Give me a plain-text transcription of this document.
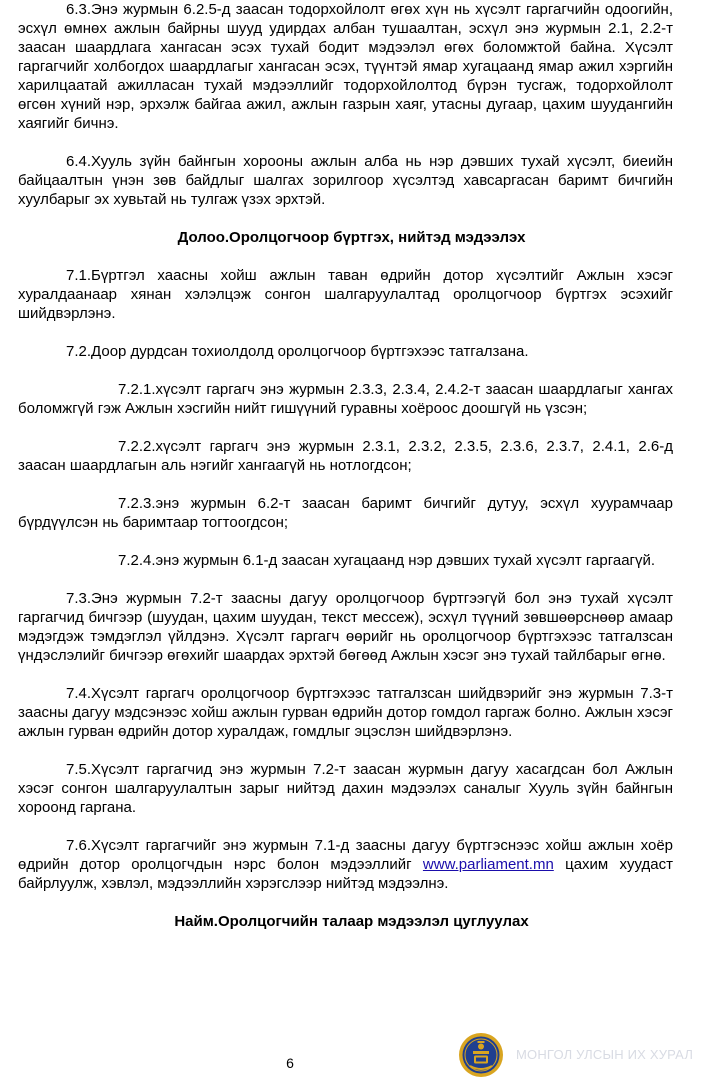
6.3.Энэ журмын 6.2.5-д заасан тодорхойлолт өгөх хүн нь хүсэлт гаргагчийн одоогийн, эсхүл өмнөх ажлын байрны шууд удирдах албан тушаалтан, эсхүл энэ журмын 2.1, 2.2-т заасан шаардлага хангасан эсэх тухай бодит мэдээлэл өгөх боломжтой байна. Хүсэлт гаргагчийг холбогдох шаардлагыг хангасан эсэх, түүнтэй ямар хугацаанд ямар ажил хэргийн харилцаатай ажилласан тухай мэдээллийг тодорхойлолтод бүрэн тусгаж, тодорхойлолт өгсөн хүний нэр, эрхэлж байгаа ажил, ажлын газрын хаяг, утасны дугаар, цахим шуудангийн хаягийг бичнэ.

6.4.Хууль зүйн байнгын хорооны ажлын алба нь нэр дэвших тухай хүсэлт, биеийн байцаалтын үнэн зөв байдлыг шалгах зорилгоор хүсэлтэд хавсаргасан баримт бичгийн хуулбарыг эх хувьтай нь тулгаж үзэх эрхтэй.

Долоо.Оролцогчоор бүртгэх, нийтэд мэдээлэх

7.1.Бүртгэл хаасны хойш ажлын таван өдрийн дотор хүсэлтийг Ажлын хэсэг хуралдаанаар хянан хэлэлцэж сонгон шалгаруулалтад оролцогчоор бүртгэх эсэхийг шийдвэрлэнэ.

7.2.Доор дурдсан тохиолдолд оролцогчоор бүртгэхээс татгалзана.

7.2.1.хүсэлт гаргагч энэ журмын 2.3.3, 2.3.4, 2.4.2-т заасан шаардлагыг хангах боломжгүй гэж Ажлын хэсгийн нийт гишүүний гуравны хоёроос доошгүй нь үзсэн;

7.2.2.хүсэлт гаргагч энэ журмын 2.3.1, 2.3.2, 2.3.5, 2.3.6, 2.3.7, 2.4.1, 2.6-д заасан шаардлагын аль нэгийг хангаагүй нь нотлогдсон;

7.2.3.энэ журмын 6.2-т заасан баримт бичгийг дутуу, эсхүл хуурамчаар бүрдүүлсэн нь баримтаар тогтоогдсон;

7.2.4.энэ журмын 6.1-д заасан хугацаанд нэр дэвших тухай хүсэлт гаргаагүй.

7.3.Энэ журмын 7.2-т заасны дагуу оролцогчоор бүртгээгүй бол энэ тухай хүсэлт гаргагчид бичгээр (шуудан, цахим шуудан, текст мессеж), эсхүл түүний зөвшөөрснөөр амаар мэдэгдэж тэмдэглэл үйлдэнэ. Хүсэлт гаргагч өөрийг нь оролцогчоор бүртгэхээс татгалзсан үндэслэлийг бичгээр өгөхийг шаардах эрхтэй бөгөөд Ажлын хэсэг энэ тухай тайлбарыг өгнө.

7.4.Хүсэлт гаргагч оролцогчоор бүртгэхээс татгалзсан шийдвэрийг энэ журмын 7.3-т заасны дагуу мэдсэнээс хойш ажлын гурван өдрийн дотор гомдол гаргаж болно. Ажлын хэсэг ажлын гурван өдрийн дотор хуралдаж, гомдлыг эцэслэн шийдвэрлэнэ.

7.5.Хүсэлт гаргагчид энэ журмын 7.2-т заасан журмын дагуу хасагдсан бол Ажлын хэсэг сонгон шалгаруулалтын зарыг нийтэд дахин мэдээлэх саналыг Хууль зүйн байнгын хороонд гаргана.

7.6.Хүсэлт гаргагчийг энэ журмын 7.1-д заасны дагуу бүртгэснээс хойш ажлын хоёр өдрийн дотор оролцогчдын нэрс болон мэдээллийг www.parliament.mn цахим хуудаст байрлуулж, хэвлэл, мэдээллийн хэрэгслээр нийтэд мэдээлнэ.

Найм.Оролцогчийн талаар мэдээлэл цуглуулах

6
МОНГОЛ УЛСЫН ИХ ХУРАЛ
